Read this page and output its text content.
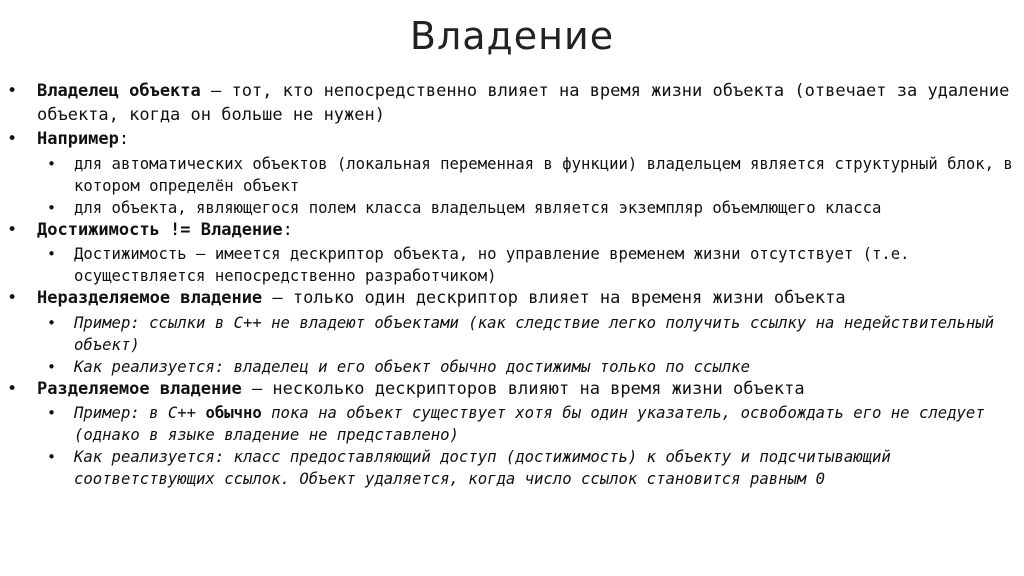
Владение
• Владелец объекта – тот, кто непосредственно влияет на время жизни объекта (отвечает за удаление объекта, когда он больше не нужен)
• Например:
• для автоматических объектов (локальная переменная в функции) владельцем является структурный блок, в котором определён объект
• для объекта, являющегося полем класса владельцем является экземпляр объемлющего класса
• Достижимость != Владение:
• Достижимость – имеется дескриптор объекта, но управление временем жизни отсутствует (т.е. осуществляется непосредственно разработчиком)
• Неразделяемое владение – только один дескриптор влияет на временя жизни объекта
• Пример: ссылки в C++ не владеют объектами (как следствие легко получить ссылку на недействительный объект)
• Как реализуется: владелец и его объект обычно достижимы только по ссылке
• Разделяемое владение – несколько дескрипторов влияют на время жизни объекта
• Пример: в C++ обычно пока на объект существует хотя бы один указатель, освобождать его не следует (однако в языке владение не представлено)
• Как реализуется: класс предоставляющий доступ (достижимость) к объекту и подсчитывающий соответствующих ссылок. Объект удаляется, когда число ссылок становится равным 0
